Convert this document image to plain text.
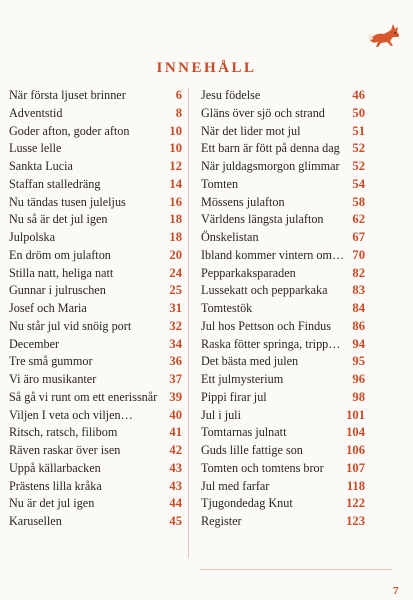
INNEHÅLL
När första ljuset brinner	6
Adventstid	8
Goder afton, goder afton	10
Lusse lelle	10
Sankta Lucia	12
Staffan stalledräng	14
Nu tändas tusen juleljus	16
Nu så är det jul igen	18
Julpolska	18
En dröm om julafton	20
Stilla natt, heliga natt	24
Gunnar i julruschen	25
Josef och Maria	31
Nu står jul vid snöig port	32
December	34
Tre små gummor	36
Vi äro musikanter	37
Så gå vi runt om ett enerissnår 39
Viljen I veta och viljen…	40
Ritsch, ratsch, filibom	41
Räven raskar över isen	42
Uppå källarbacken	43
Prästens lilla kråka	43
Nu är det jul igen	44
Karusellen	45
Jesu födelse	46
Gläns över sjö och strand 50
När det lider mot jul	51
Ett barn är fött på denna dag 52
När juldagsmorgon glimmar 52
Tomten	54
Mössens julafton	58
Världens längsta julafton 62
Önskelistan	67
Ibland kommer vintern om… 70
Pepparkaksparaden	82
Lussekatt och pepparkaka 83
Tomtestök	84
Jul hos Pettson och Findus 86
Raska fötter springa, tripp… 94
Det bästa med julen	95
Ett julmysterium	96
Pippi firar jul	98
Jul i juli	101
Tomtarnas julnatt	104
Guds lille fattige son	106
Tomten och tomtens bror 107
Jul med farfar	118
Tjugondedag Knut	122
Register	123
7
